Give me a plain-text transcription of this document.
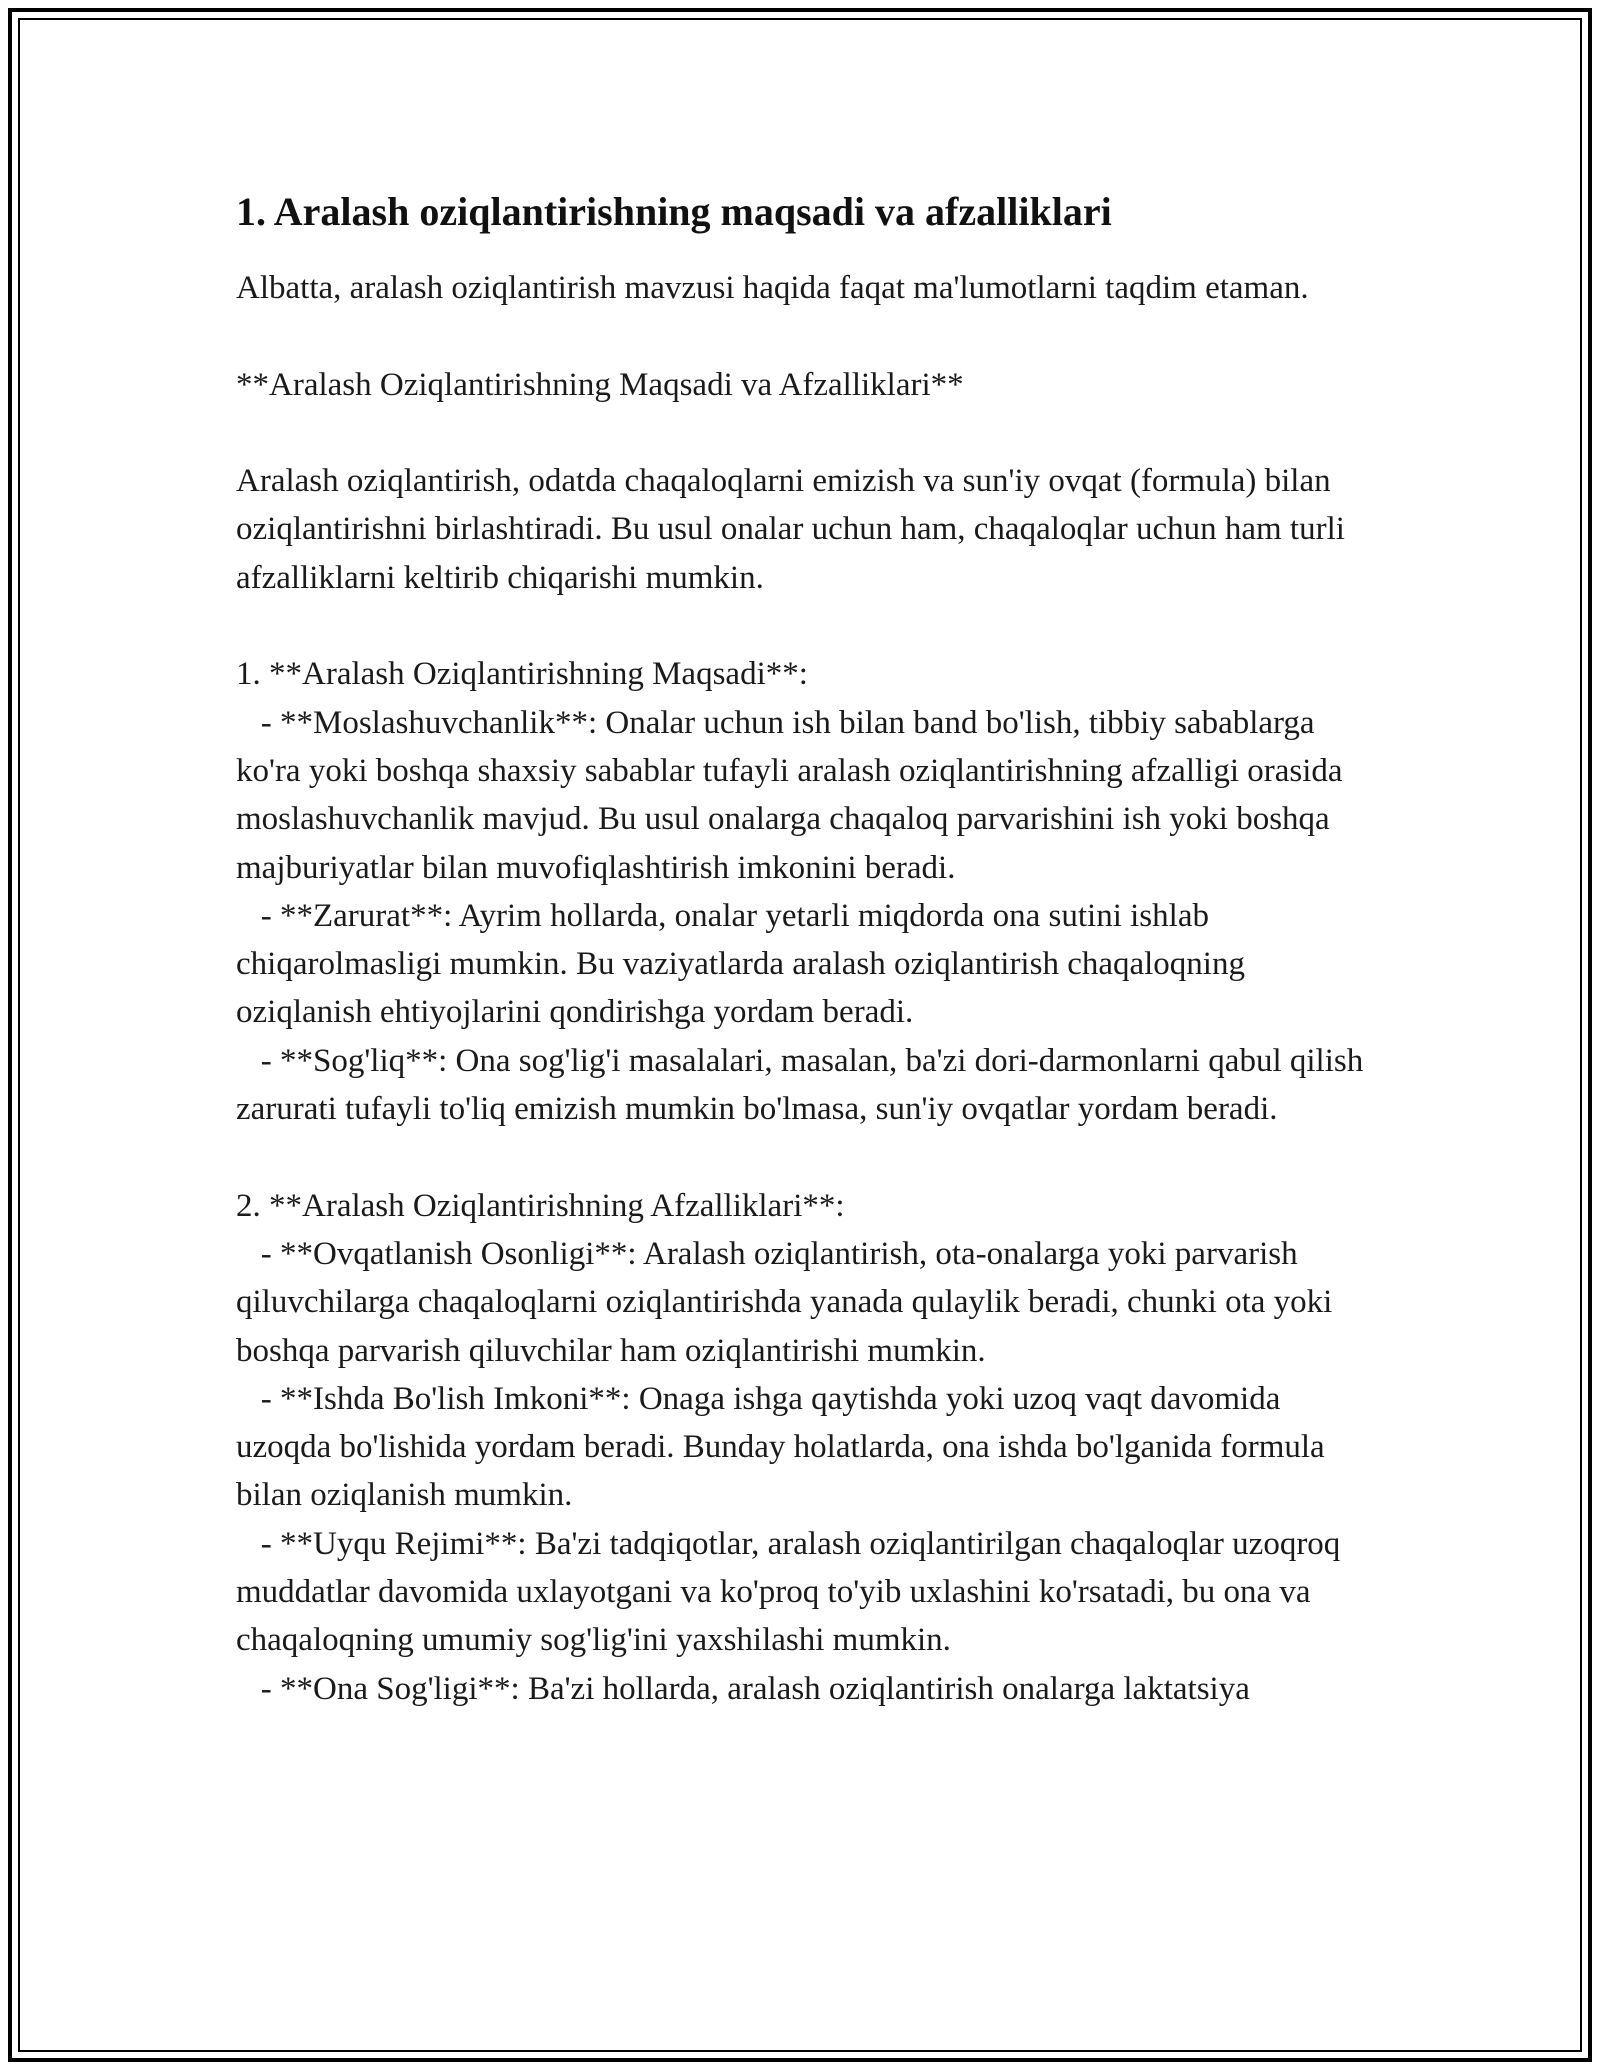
1. Aralash oziqlantirishning maqsadi va afzalliklari

Albatta, aralash oziqlantirish mavzusi haqida faqat ma'lumotlarni taqdim etaman.

**Aralash Oziqlantirishning Maqsadi va Afzalliklari**

Aralash oziqlantirish, odatda chaqaloqlarni emizish va sun'iy ovqat (formula) bilan oziqlantirishni birlashtiradi. Bu usul onalar uchun ham, chaqaloqlar uchun ham turli afzalliklarni keltirib chiqarishi mumkin.

1. **Aralash Oziqlantirishning Maqsadi**:
- **Moslashuvchanlik**: Onalar uchun ish bilan band bo'lish, tibbiy sabablarga ko'ra yoki boshqa shaxsiy sabablar tufayli aralash oziqlantirishning afzalligi orasida moslashuvchanlik mavjud. Bu usul onalarga chaqaloq parvarishini ish yoki boshqa majburiyatlar bilan muvofiqlashtirish imkonini beradi.
- **Zarurat**: Ayrim hollarda, onalar yetarli miqdorda ona sutini ishlab chiqarolmasligi mumkin. Bu vaziyatlarda aralash oziqlantirish chaqaloqning oziqlanish ehtiyojlarini qondirishga yordam beradi.
- **Sog'liq**: Ona sog'lig'i masalalari, masalan, ba'zi dori-darmonlarni qabul qilish zarurati tufayli to'liq emizish mumkin bo'lmasa, sun'iy ovqatlar yordam beradi.
2. **Aralash Oziqlantirishning Afzalliklari**:
- **Ovqatlanish Osonligi**: Aralash oziqlantirish, ota-onalarga yoki parvarish qiluvchilarga chaqaloqlarni oziqlantirishda yanada qulaylik beradi, chunki ota yoki boshqa parvarish qiluvchilar ham oziqlantirishi mumkin.
- **Ishda Bo'lish Imkoni**: Onaga ishga qaytishda yoki uzoq vaqt davomida uzoqda bo'lishida yordam beradi. Bunday holatlarda, ona ishda bo'lganida formula bilan oziqlanish mumkin.
- **Uyqu Rejimi**: Ba'zi tadqiqotlar, aralash oziqlantirilgan chaqaloqlar uzoqroq muddatlar davomida uxlayotgani va ko'proq to'yib uxlashini ko'rsatadi, bu ona va chaqaloqning umumiy sog'lig'ini yaxshilashi mumkin.
- **Ona Sog'ligi**: Ba'zi hollarda, aralash oziqlantirish onalarga laktatsiya
